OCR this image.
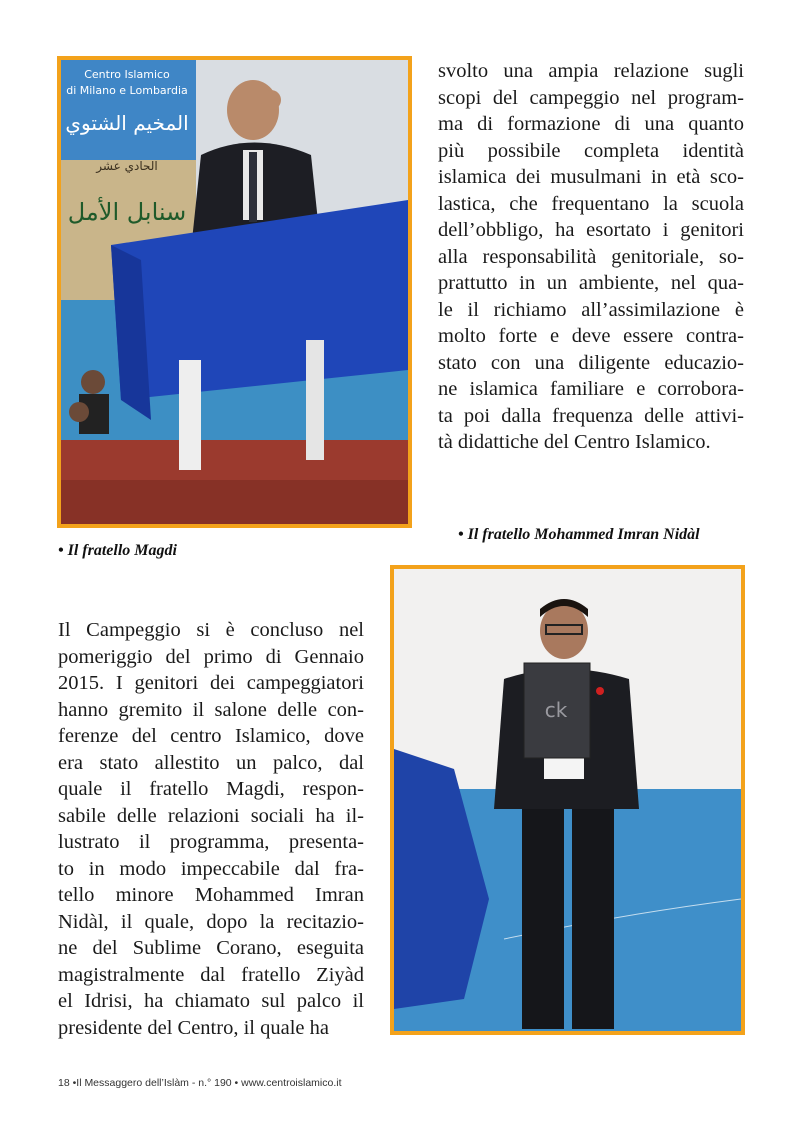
Centro Islamico
di Milano e Lombardia
المخيم الشتوي
الحادي عشر
سنابل الأمل
• Il fratello Magdi
svolto una ampia relazione sugli
scopi del campeggio nel program-
ma di formazione di una quanto
più possibile completa identità
islamica dei musulmani in età sco-
lastica, che frequentano la scuola
dell’obbligo, ha esortato i genitori
alla responsabilità genitoriale, so-
prattutto in un ambiente, nel qua-
le il richiamo all’assimilazione è
molto forte e deve essere contra-
stato con una diligente educazio-
ne islamica familiare e corrobora-
ta poi dalla frequenza delle attivi-
tà didattiche del Centro Islamico.
• Il fratello Mohammed Imran Nidàl
Il Campeggio si è concluso nel
pomeriggio del primo di Gennaio
2015. I genitori dei campeggiatori
hanno gremito il salone delle con-
ferenze del centro Islamico, dove
era stato allestito un palco, dal
quale il fratello Magdi, respon-
sabile delle relazioni sociali ha il-
lustrato il programma, presenta-
to in modo impeccabile dal fra-
tello minore Mohammed Imran
Nidàl, il quale, dopo la recitazio-
ne del Sublime Corano, eseguita
magistralmente dal fratello Ziyàd
el Idrisi, ha chiamato sul palco il
presidente del Centro, il quale ha
ck
18 •Il Messaggero dell’Islàm - n.° 190 • www.centroislamico.it
